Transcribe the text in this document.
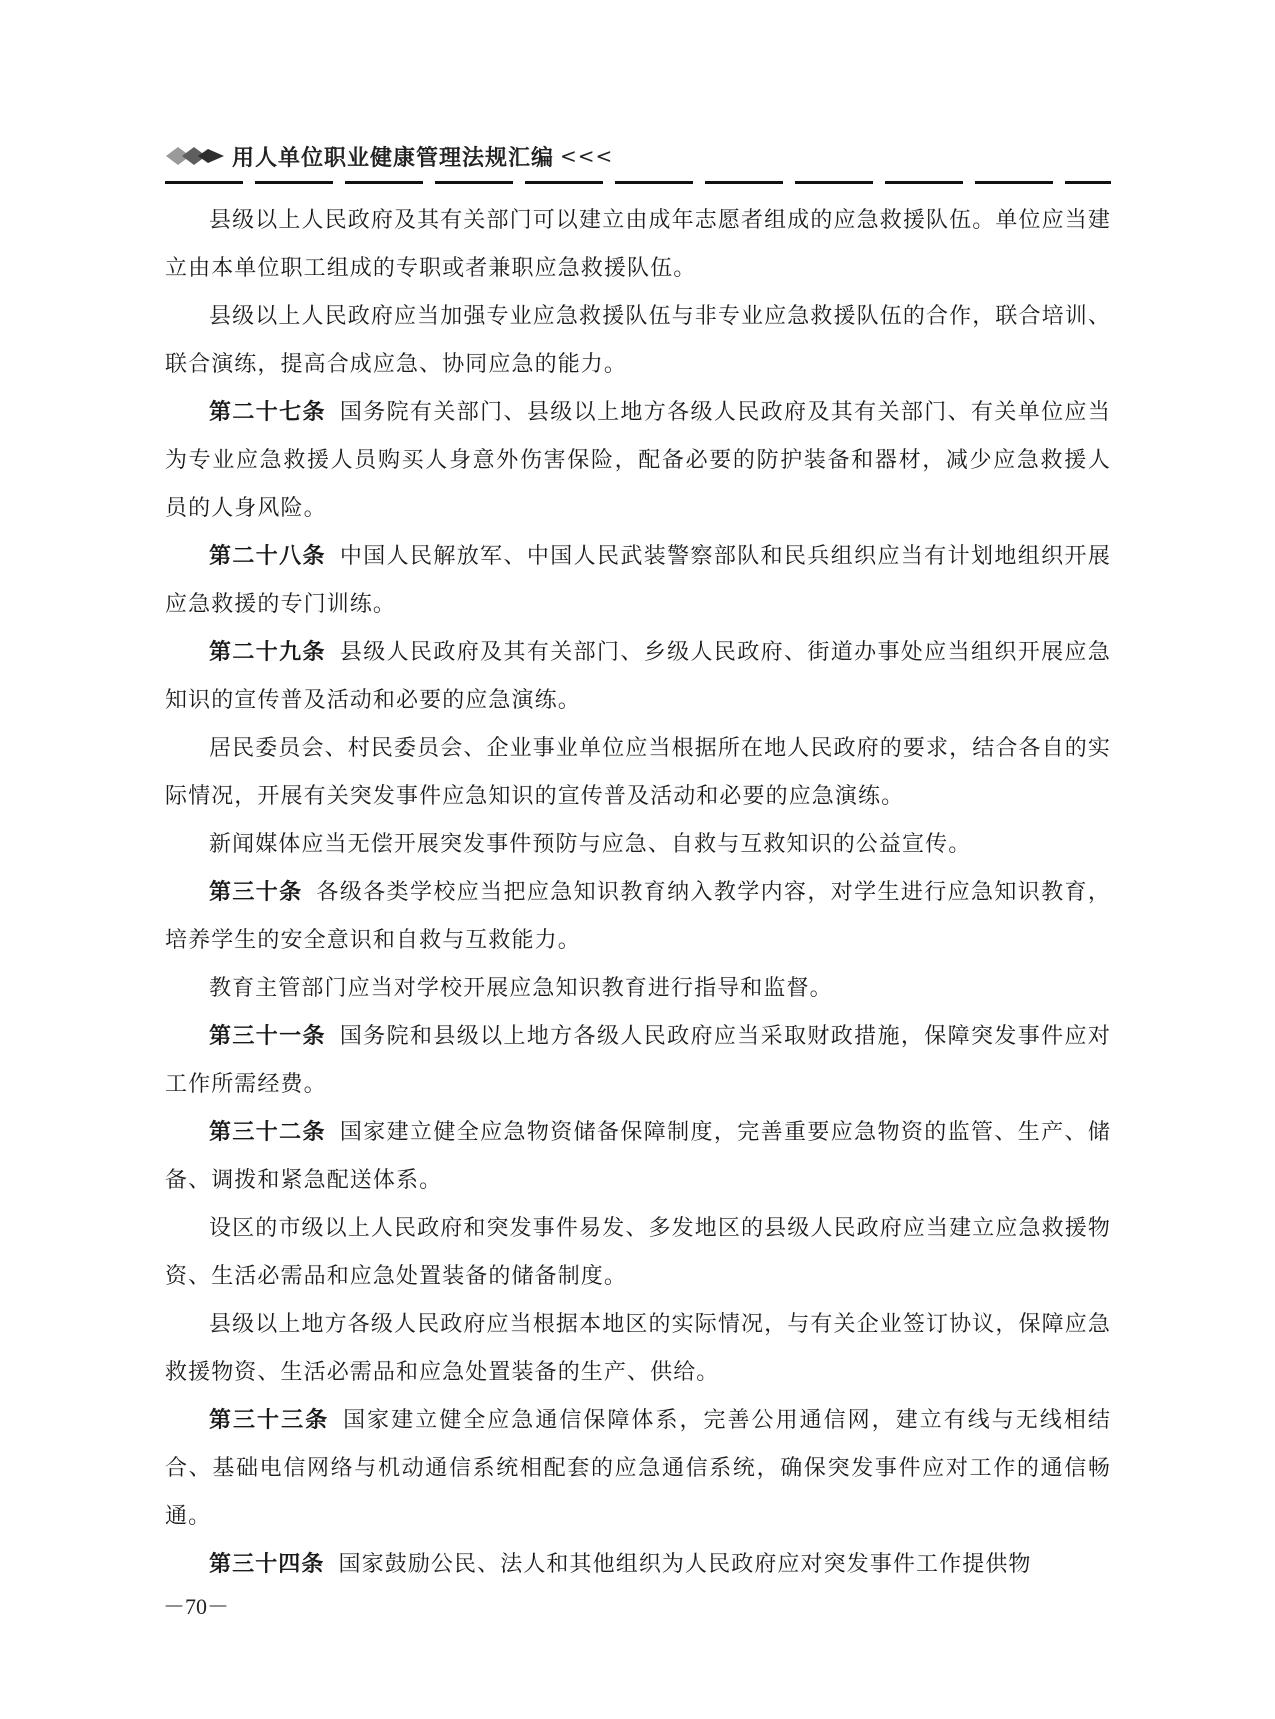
用人单位职业健康管理法规汇编 <<<

县级以上人民政府及其有关部门可以建立由成年志愿者组成的应急救援队伍。单位应当建立由本单位职工组成的专职或者兼职应急救援队伍。

县级以上人民政府应当加强专业应急救援队伍与非专业应急救援队伍的合作，联合培训、联合演练，提高合成应急、协同应急的能力。

第二十七条 国务院有关部门、县级以上地方各级人民政府及其有关部门、有关单位应当为专业应急救援人员购买人身意外伤害保险，配备必要的防护装备和器材，减少应急救援人员的人身风险。

第二十八条 中国人民解放军、中国人民武装警察部队和民兵组织应当有计划地组织开展应急救援的专门训练。

第二十九条 县级人民政府及其有关部门、乡级人民政府、街道办事处应当组织开展应急知识的宣传普及活动和必要的应急演练。

居民委员会、村民委员会、企业事业单位应当根据所在地人民政府的要求，结合各自的实际情况，开展有关突发事件应急知识的宣传普及活动和必要的应急演练。

新闻媒体应当无偿开展突发事件预防与应急、自救与互救知识的公益宣传。

第三十条 各级各类学校应当把应急知识教育纳入教学内容，对学生进行应急知识教育，培养学生的安全意识和自救与互救能力。

教育主管部门应当对学校开展应急知识教育进行指导和监督。

第三十一条 国务院和县级以上地方各级人民政府应当采取财政措施，保障突发事件应对工作所需经费。

第三十二条 国家建立健全应急物资储备保障制度，完善重要应急物资的监管、生产、储备、调拨和紧急配送体系。

设区的市级以上人民政府和突发事件易发、多发地区的县级人民政府应当建立应急救援物资、生活必需品和应急处置装备的储备制度。

县级以上地方各级人民政府应当根据本地区的实际情况，与有关企业签订协议，保障应急救援物资、生活必需品和应急处置装备的生产、供给。

第三十三条 国家建立健全应急通信保障体系，完善公用通信网，建立有线与无线相结合、基础电信网络与机动通信系统相配套的应急通信系统，确保突发事件应对工作的通信畅通。

第三十四条 国家鼓励公民、法人和其他组织为人民政府应对突发事件工作提供物

－70－
